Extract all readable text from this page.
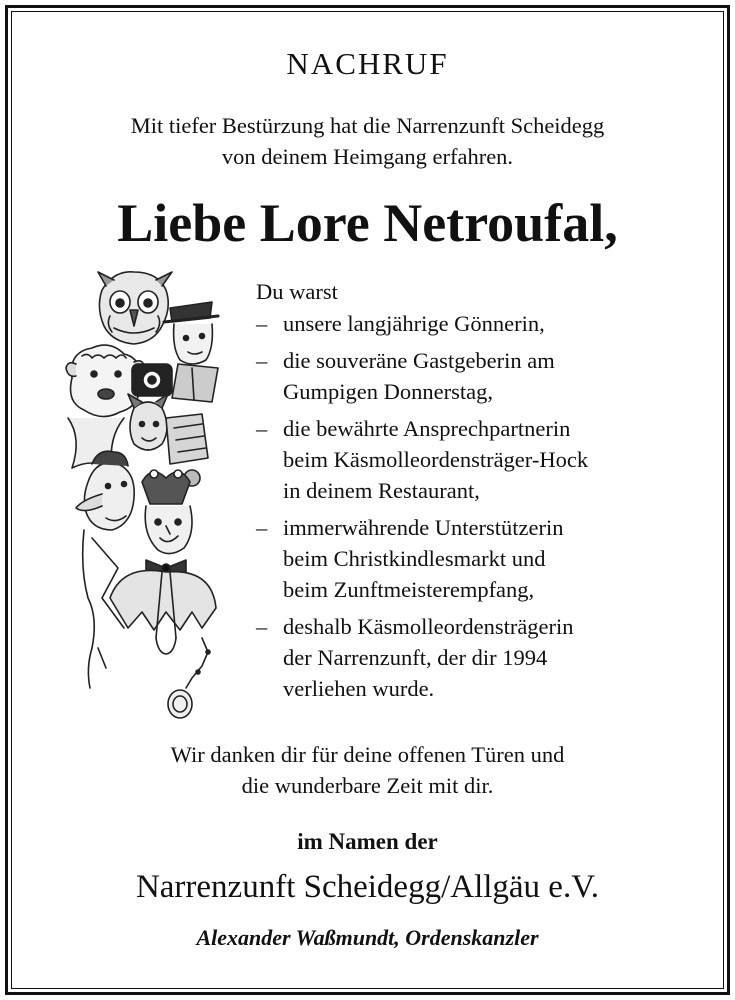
NACHRUF
Mit tiefer Bestürzung hat die Narrenzunft Scheidegg
von deinem Heimgang erfahren.
Liebe Lore Netroufal,
Du warst
– unsere langjährige Gönnerin,
– die souveräne Gastgeberin am
Gumpigen Donnerstag,
– die bewährte Ansprechpartnerin
beim Käsmolleordensträger-Hock
in deinem Restaurant,
– immerwährende Unterstützerin
beim Christkindlesmarkt und
beim Zunftmeisterempfang,
– deshalb Käsmolleordensträgerin
der Narrenzunft, der dir 1994
verliehen wurde.
Wir danken dir für deine offenen Türen und
die wunderbare Zeit mit dir.
im Namen der
Narrenzunft Scheidegg/Allgäu e.V.
Alexander Waßmundt, Ordenskanzler
